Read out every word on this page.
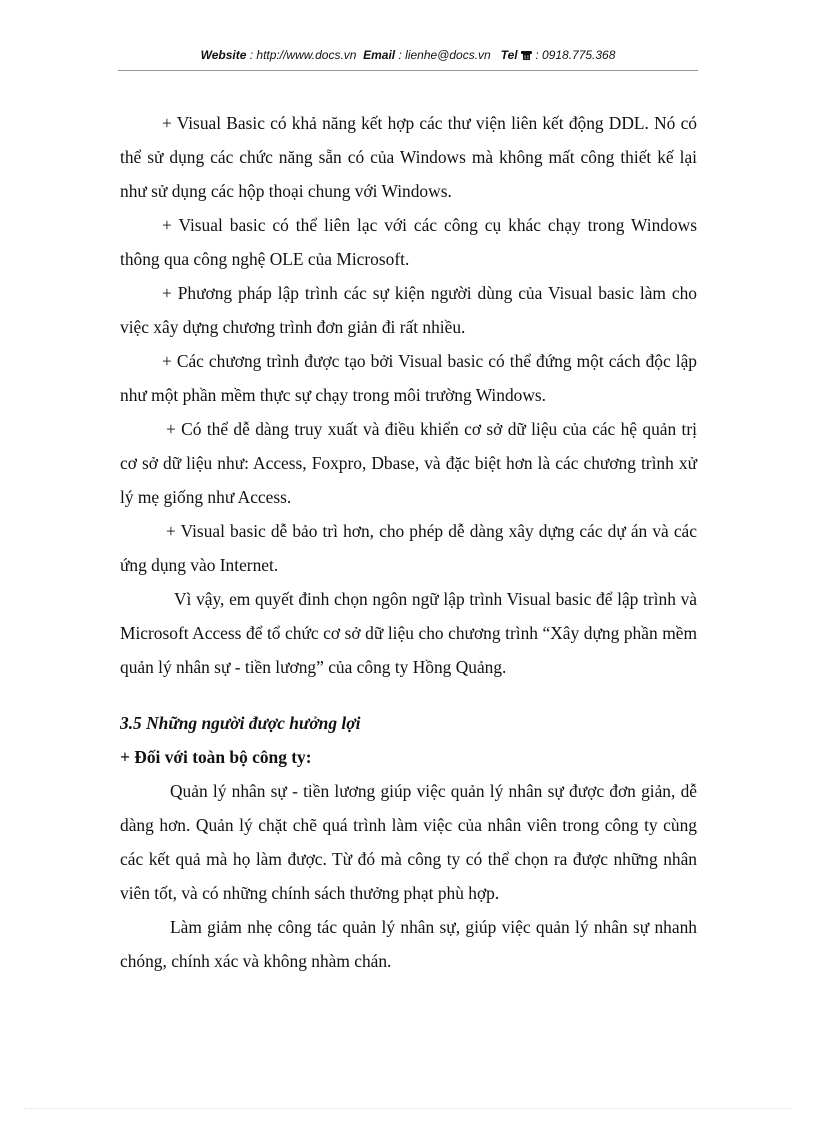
Website : http://www.docs.vn Email : lienhe@docs.vn Tel : 0918.775.368

+ Visual Basic có khả năng kết hợp các thư viện liên kết động DDL. Nó có thể sử dụng các chức năng sẵn có của Windows mà không mất công thiết kế lại như sử dụng các hộp thoại chung với Windows.

+ Visual basic có thể liên lạc với các công cụ khác chạy trong Windows thông qua công nghệ OLE của Microsoft.

+ Phương pháp lập trình các sự kiện người dùng của Visual basic làm cho việc xây dựng chương trình đơn giản đi rất nhiều.

+ Các chương trình được tạo bởi Visual basic có thể đứng một cách độc lập như một phần mềm thực sự chạy trong môi trường Windows.

+ Có thể dễ dàng truy xuất và điều khiển cơ sở dữ liệu của các hệ quản trị cơ sở dữ liệu như: Access, Foxpro, Dbase, và đặc biệt hơn là các chương trình xử lý mẹ giống như Access.

+ Visual basic dễ bảo trì hơn, cho phép dễ dàng xây dựng các dự án và các ứng dụng vào Internet.

Vì vậy, em quyết đinh chọn ngôn ngữ lập trình Visual basic để lập trình và Microsoft Access để tổ chức cơ sở dữ liệu cho chương trình “Xây dựng phần mềm quản lý nhân sự - tiền lương” của công ty Hồng Quảng.

3.5 Những người được hưởng lợi

+ Đối với toàn bộ công ty:

Quản lý nhân sự - tiền lương giúp việc quản lý nhân sự được đơn giản, dễ dàng hơn. Quản lý chặt chẽ quá trình làm việc của nhân viên trong công ty cùng các kết quả mà họ làm được. Từ đó mà công ty có thể chọn ra được những nhân viên tốt, và có những chính sách thưởng phạt phù hợp.

Làm giảm nhẹ công tác quản lý nhân sự, giúp việc quản lý nhân sự nhanh chóng, chính xác và không nhàm chán.
